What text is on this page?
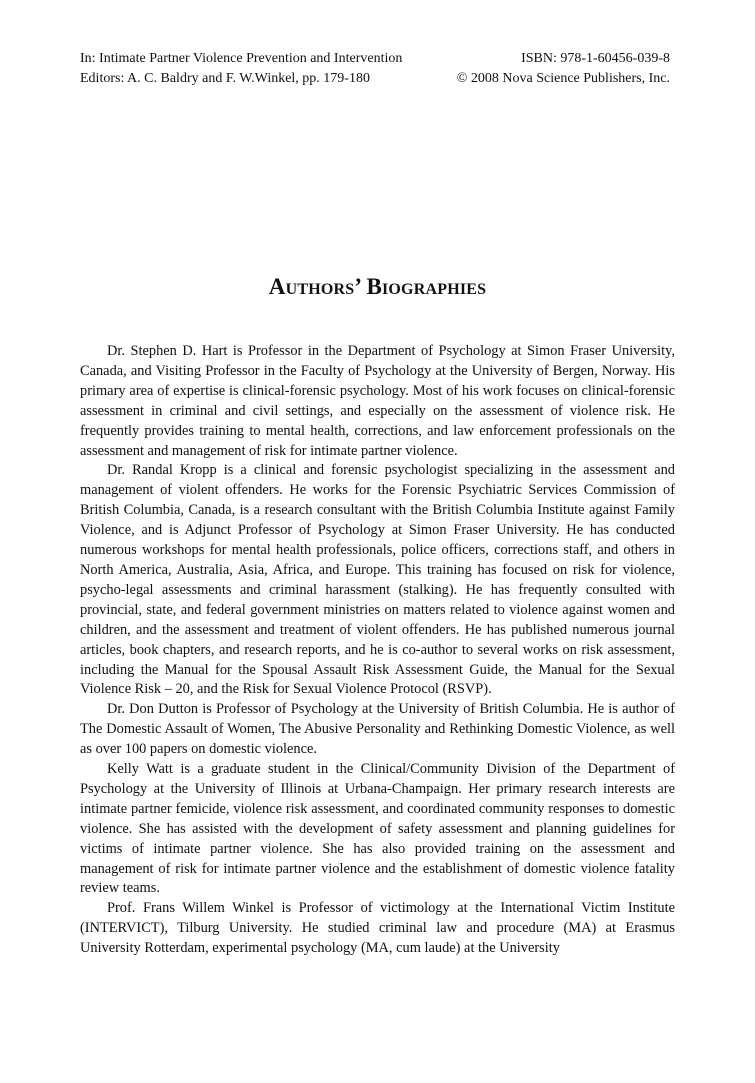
In: Intimate Partner Violence Prevention and Intervention	ISBN: 978-1-60456-039-8
Editors: A. C. Baldry and F. W.Winkel, pp. 179-180	© 2008 Nova Science Publishers, Inc.
Authors’ Biographies

Dr. Stephen D. Hart is Professor in the Department of Psychology at Simon Fraser University, Canada, and Visiting Professor in the Faculty of Psychology at the University of Bergen, Norway. His primary area of expertise is clinical-forensic psychology. Most of his work focuses on clinical-forensic assessment in criminal and civil settings, and especially on the assessment of violence risk. He frequently provides training to mental health, corrections, and law enforcement professionals on the assessment and management of risk for intimate partner violence.

Dr. Randal Kropp is a clinical and forensic psychologist specializing in the assessment and management of violent offenders. He works for the Forensic Psychiatric Services Commission of British Columbia, Canada, is a research consultant with the British Columbia Institute against Family Violence, and is Adjunct Professor of Psychology at Simon Fraser University. He has conducted numerous workshops for mental health professionals, police officers, corrections staff, and others in North America, Australia, Asia, Africa, and Europe. This training has focused on risk for violence, psycho-legal assessments and criminal harassment (stalking). He has frequently consulted with provincial, state, and federal government ministries on matters related to violence against women and children, and the assessment and treatment of violent offenders. He has published numerous journal articles, book chapters, and research reports, and he is co-author to several works on risk assessment, including the Manual for the Spousal Assault Risk Assessment Guide, the Manual for the Sexual Violence Risk – 20, and the Risk for Sexual Violence Protocol (RSVP).

Dr. Don Dutton is Professor of Psychology at the University of British Columbia. He is author of The Domestic Assault of Women, The Abusive Personality and Rethinking Domestic Violence, as well as over 100 papers on domestic violence.

Kelly Watt is a graduate student in the Clinical/Community Division of the Department of Psychology at the University of Illinois at Urbana-Champaign. Her primary research interests are intimate partner femicide, violence risk assessment, and coordinated community responses to domestic violence. She has assisted with the development of safety assessment and planning guidelines for victims of intimate partner violence. She has also provided training on the assessment and management of risk for intimate partner violence and the establishment of domestic violence fatality review teams.

Prof. Frans Willem Winkel is Professor of victimology at the International Victim Institute (INTERVICT), Tilburg University. He studied criminal law and procedure (MA) at Erasmus University Rotterdam, experimental psychology (MA, cum laude) at the University
